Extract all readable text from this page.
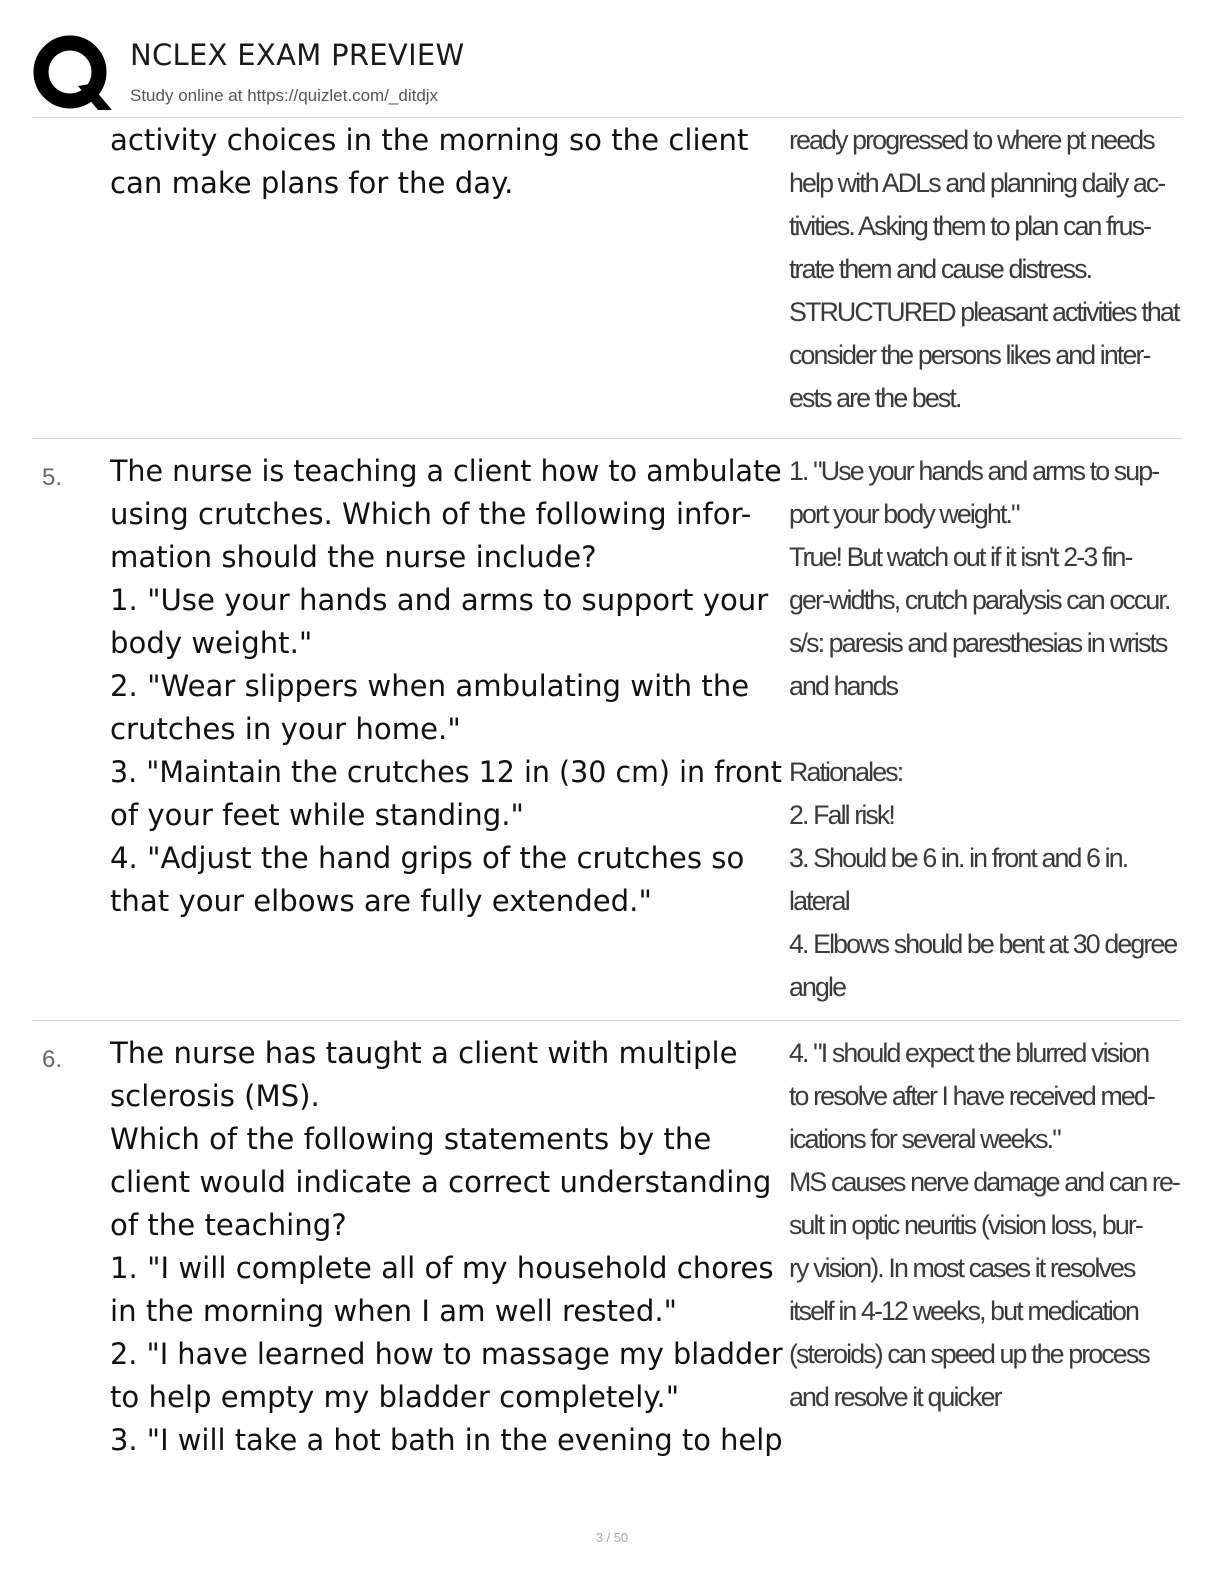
NCLEX EXAM PREVIEW
Study online at https://quizlet.com/_ditdjx
activity choices in the morning so the client
can make plans for the day.
ready progressed to where pt needs
help with ADLs and planning daily ac-
tivities. Asking them to plan can frus-
trate them and cause distress.
STRUCTURED pleasant activities that
consider the persons likes and inter-
ests are the best.
5. The nurse is teaching a client how to ambulate
using crutches. Which of the following infor-
mation should the nurse include?
1. "Use your hands and arms to support your
body weight."
2. "Wear slippers when ambulating with the
crutches in your home."
3. "Maintain the crutches 12 in (30 cm) in front
of your feet while standing."
4. "Adjust the hand grips of the crutches so
that your elbows are fully extended."
1. "Use your hands and arms to sup-
port your body weight."
True! But watch out if it isn't 2-3 fin-
ger-widths, crutch paralysis can occur.
s/s: paresis and paresthesias in wrists
and hands
Rationales:
2. Fall risk!
3. Should be 6 in. in front and 6 in.
lateral
4. Elbows should be bent at 30 degree
angle
6. The nurse has taught a client with multiple
sclerosis (MS).
Which of the following statements by the
client would indicate a correct understanding
of the teaching?
1. "I will complete all of my household chores
in the morning when I am well rested."
2. "I have learned how to massage my bladder
to help empty my bladder completely."
3. "I will take a hot bath in the evening to help
4. "I should expect the blurred vision
to resolve after I have received med-
ications for several weeks."
MS causes nerve damage and can re-
sult in optic neuritis (vision loss, bur-
ry vision). In most cases it resolves
itself in 4-12 weeks, but medication
(steroids) can speed up the process
and resolve it quicker
3 / 50
